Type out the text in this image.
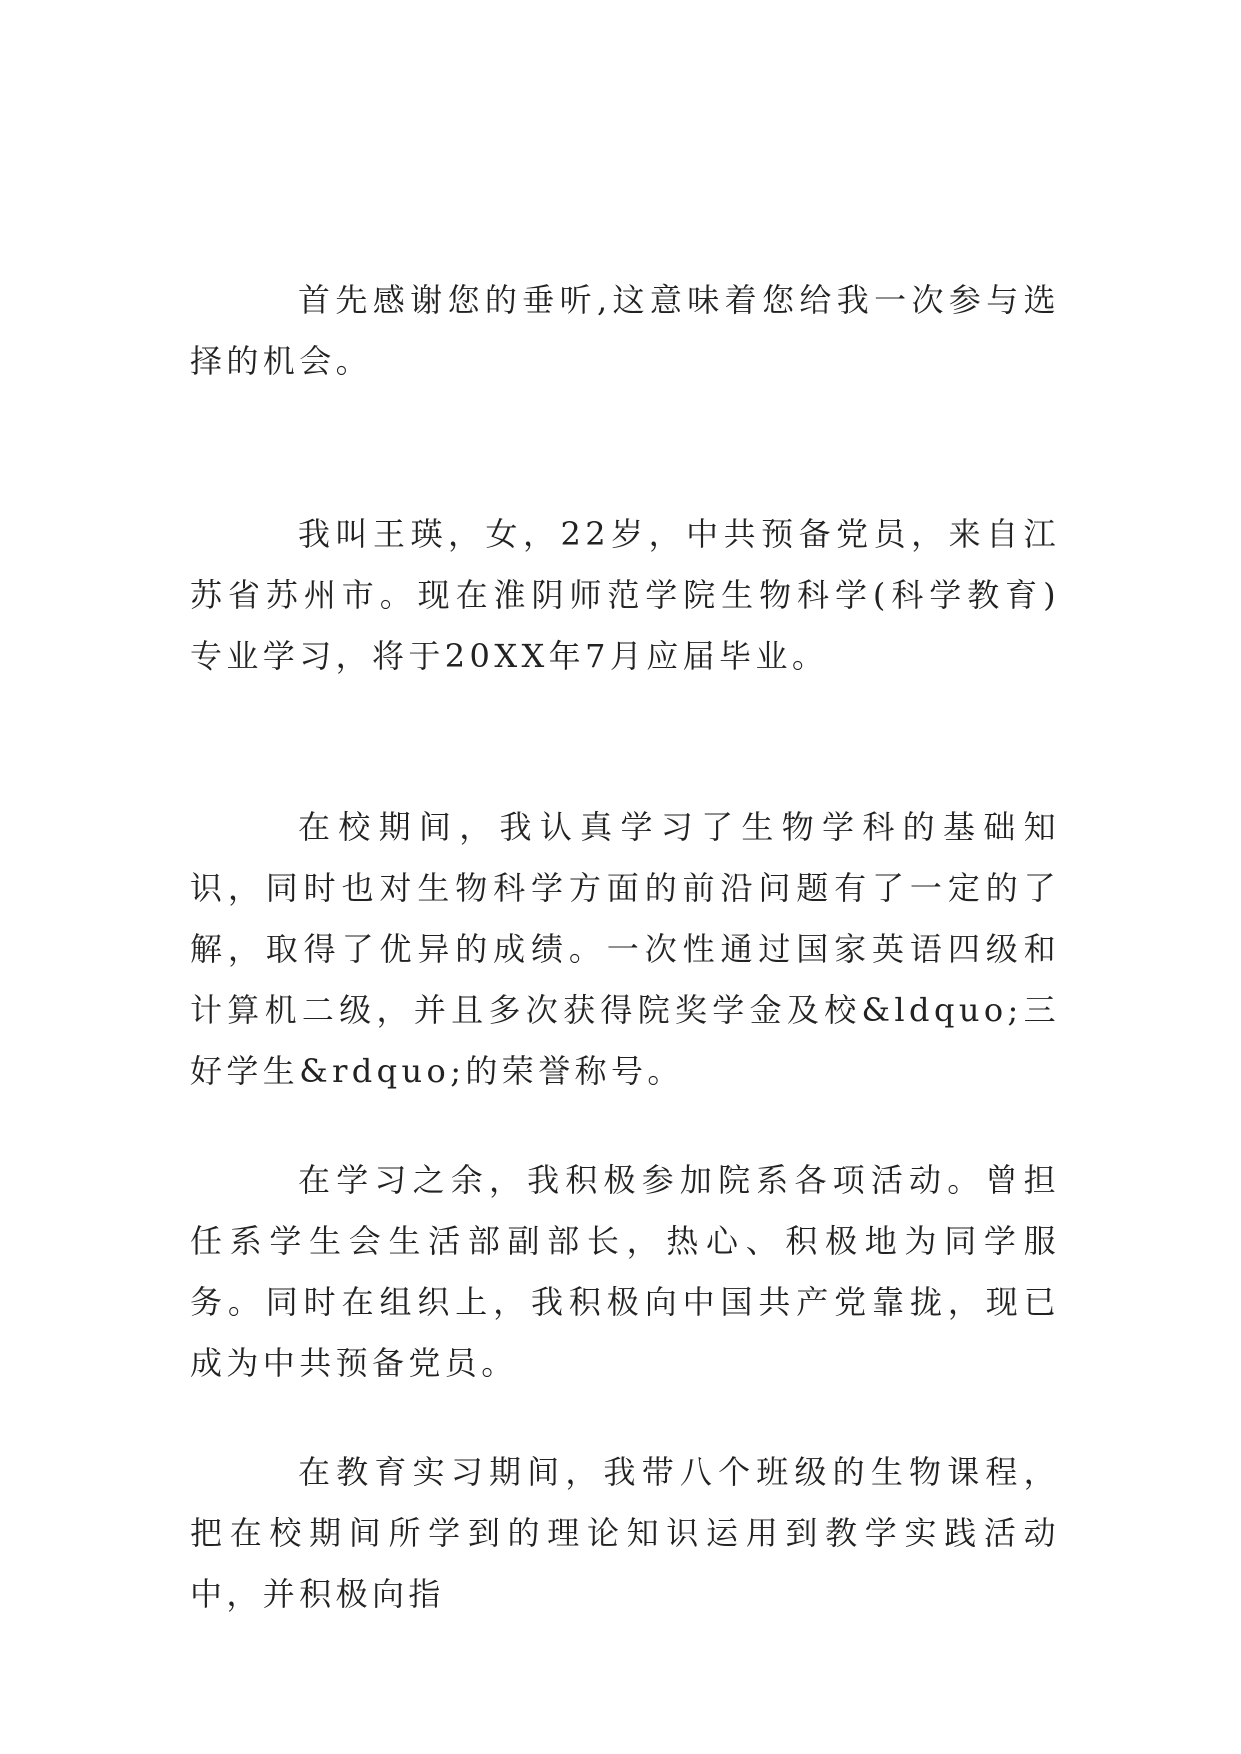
首先感谢您的垂听,这意味着您给我一次参与选择的机会。

我叫王瑛，女，22岁，中共预备党员，来自江苏省苏州市。现在淮阴师范学院生物科学(科学教育)专业学习，将于20XX年7月应届毕业。

在校期间，我认真学习了生物学科的基础知识，同时也对生物科学方面的前沿问题有了一定的了解，取得了优异的成绩。一次性通过国家英语四级和计算机二级，并且多次获得院奖学金及校&ldquo;三好学生&rdquo;的荣誉称号。

在学习之余，我积极参加院系各项活动。曾担任系学生会生活部副部长，热心、积极地为同学服务。同时在组织上，我积极向中国共产党靠拢，现已成为中共预备党员。

在教育实习期间，我带八个班级的生物课程，把在校期间所学到的理论知识运用到教学实践活动中，并积极向指
